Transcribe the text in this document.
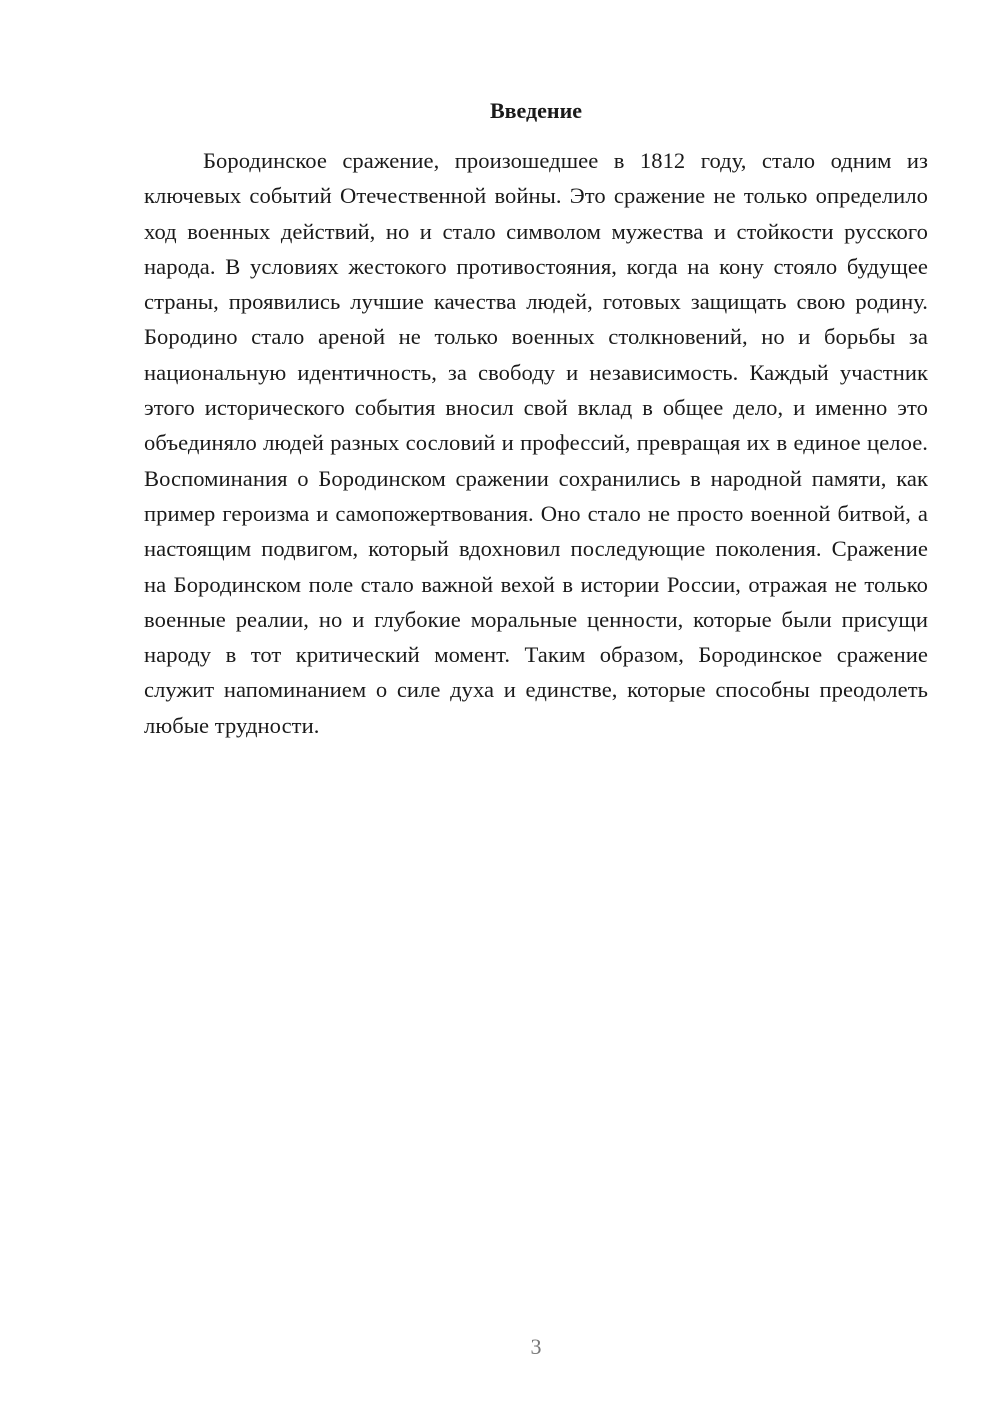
Введение

Бородинское сражение, произошедшее в 1812 году, стало одним из ключевых событий Отечественной войны. Это сражение не только определило ход военных действий, но и стало символом мужества и стойкости русского народа. В условиях жестокого противостояния, когда на кону стояло будущее страны, проявились лучшие качества людей, готовых защищать свою родину. Бородино стало ареной не только военных столкновений, но и борьбы за национальную идентичность, за свободу и независимость. Каждый участник этого исторического события вносил свой вклад в общее дело, и именно это объединяло людей разных сословий и профессий, превращая их в единое целое. Воспоминания о Бородинском сражении сохранились в народной памяти, как пример героизма и самопожертвования. Оно стало не просто военной битвой, а настоящим подвигом, который вдохновил последующие поколения. Сражение на Бородинском поле стало важной вехой в истории России, отражая не только военные реалии, но и глубокие моральные ценности, которые были присущи народу в тот критический момент. Таким образом, Бородинское сражение служит напоминанием о силе духа и единстве, которые способны преодолеть любые трудности.

3
